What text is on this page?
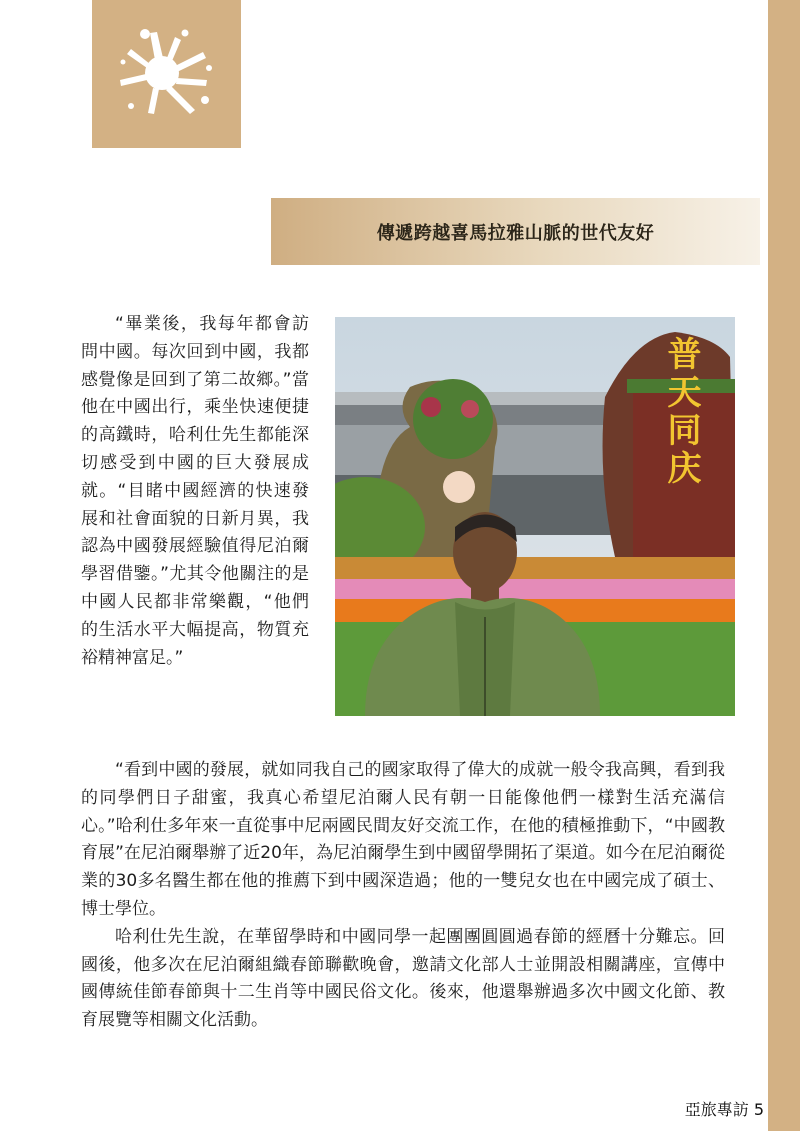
傳遞跨越喜馬拉雅山脈的世代友好

“畢業後，我每年都會訪問中國。每次回到中國，我都感覺像是回到了第二故鄉。”當他在中國出行，乘坐快速便捷的高鐵時，哈利仕先生都能深切感受到中國的巨大發展成就。“目睹中國經濟的快速發展和社會面貌的日新月異，我認為中國發展經驗值得尼泊爾學習借鑒。”尤其令他關注的是中國人民都非常樂觀，“他們的生活水平大幅提高，物質充裕精神富足。”

普天同庆

“看到中國的發展，就如同我自己的國家取得了偉大的成就一般令我高興，看到我的同學們日子甜蜜，我真心希望尼泊爾人民有朝一日能像他們一樣對生活充滿信心。”哈利仕多年來一直從事中尼兩國民間友好交流工作，在他的積極推動下，“中國教育展”在尼泊爾舉辦了近20年，為尼泊爾學生到中國留學開拓了渠道。如今在尼泊爾從業的30多名醫生都在他的推薦下到中國深造過；他的一雙兒女也在中國完成了碩士、博士學位。

哈利仕先生說，在華留學時和中國同學一起團團圓圓過春節的經曆十分難忘。回國後，他多次在尼泊爾組織春節聯歡晚會，邀請文化部人士並開設相關講座，宣傳中國傳統佳節春節與十二生肖等中國民俗文化。後來，他還舉辦過多次中國文化節、教育展覽等相關文化活動。

亞旅專訪 5
